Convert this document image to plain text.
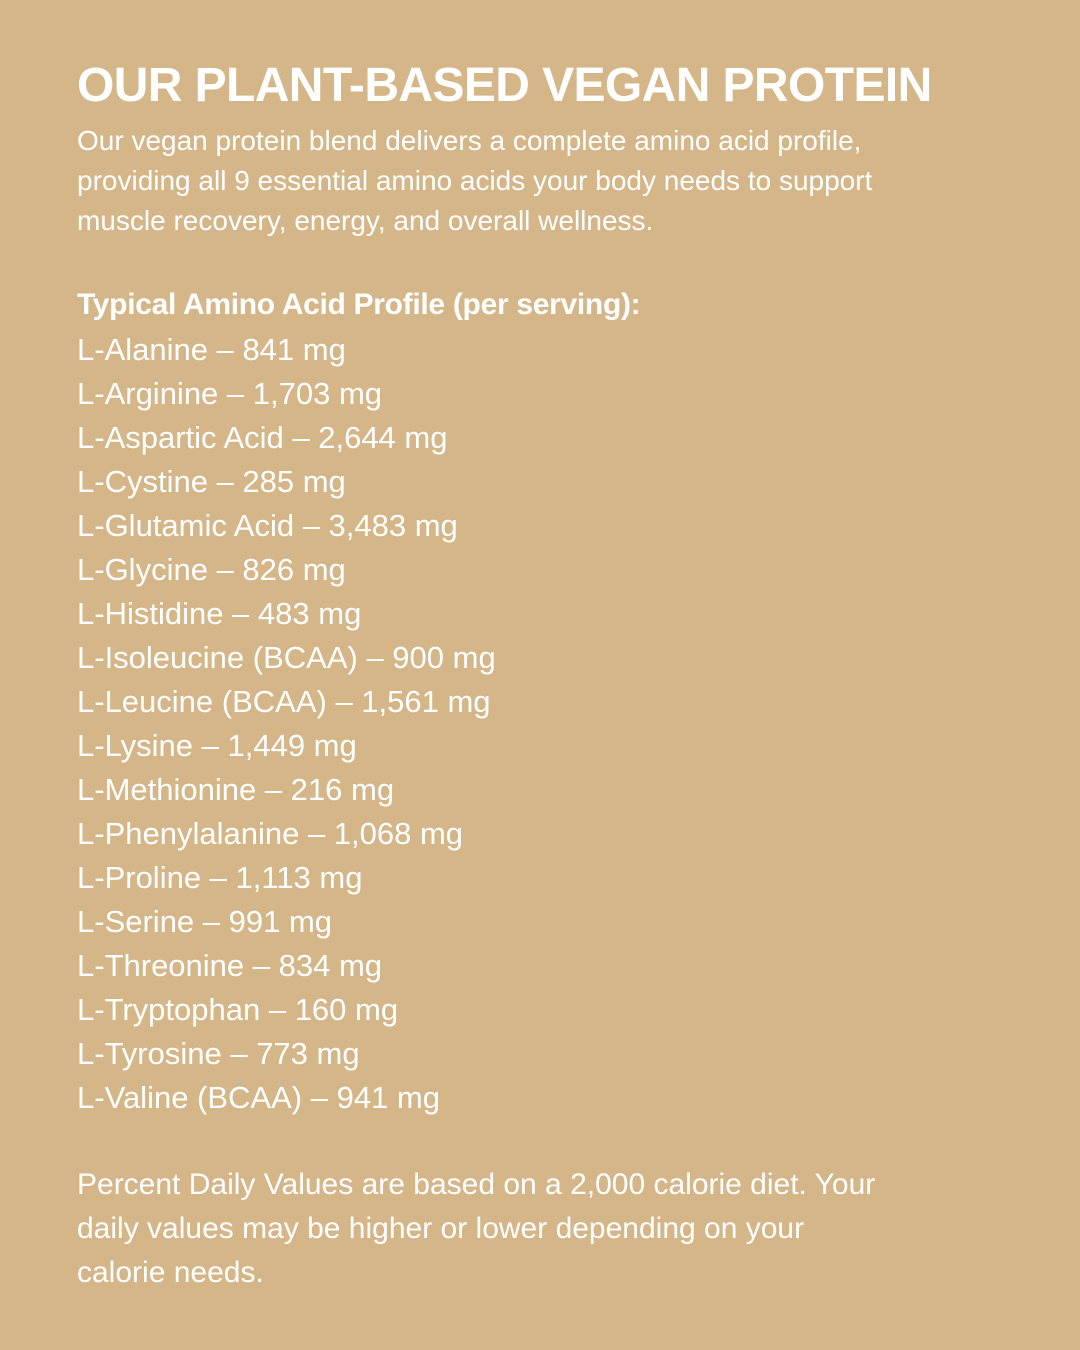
OUR PLANT-BASED VEGAN PROTEIN
Our vegan protein blend delivers a complete amino acid profile,
providing all 9 essential amino acids your body needs to support
muscle recovery, energy, and overall wellness.
Typical Amino Acid Profile (per serving):
L-Alanine – 841 mg
L-Arginine – 1,703 mg
L-Aspartic Acid – 2,644 mg
L-Cystine – 285 mg
L-Glutamic Acid – 3,483 mg
L-Glycine – 826 mg
L-Histidine – 483 mg
L-Isoleucine (BCAA) – 900 mg
L-Leucine (BCAA) – 1,561 mg
L-Lysine – 1,449 mg
L-Methionine – 216 mg
L-Phenylalanine – 1,068 mg
L-Proline – 1,113 mg
L-Serine – 991 mg
L-Threonine – 834 mg
L-Tryptophan – 160 mg
L-Tyrosine – 773 mg
L-Valine (BCAA) – 941 mg
Percent Daily Values are based on a 2,000 calorie diet. Your
daily values may be higher or lower depending on your
calorie needs.
